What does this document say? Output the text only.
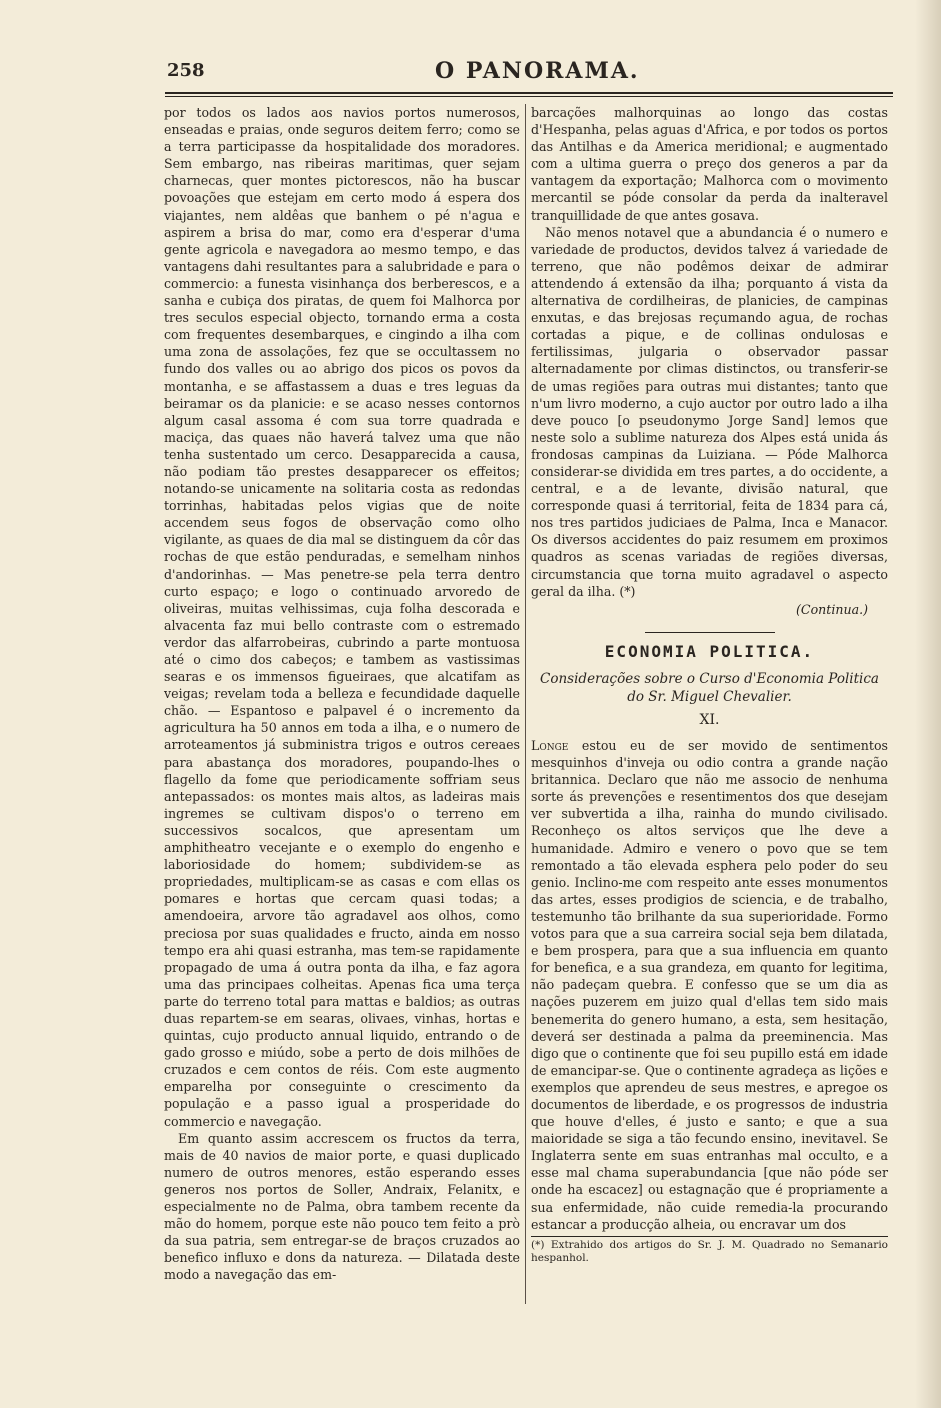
258	O PANORAMA.

por todos os lados aos navios portos numerosos, enseadas e praias, onde seguros deitem ferro; como se a terra participasse da hospitalidade dos moradores. Sem embargo, nas ribeiras maritimas, quer sejam charnecas, quer montes pictorescos, não ha buscar povoações que estejam em certo modo á espera dos viajantes, nem aldêas que banhem o pé n'agua e aspirem a brisa do mar, como era d'esperar d'uma gente agricola e navegadora ao mesmo tempo, e das vantagens dahi resultantes para a salubridade e para o commercio: a funesta visinhança dos berberescos, e a sanha e cubiça dos piratas, de quem foi Malhorca por tres seculos especial objecto, tornando erma a costa com frequentes desembarques, e cingindo a ilha com uma zona de assolações, fez que se occultassem no fundo dos valles ou ao abrigo dos picos os povos da montanha, e se affastassem a duas e tres leguas da beiramar os da planicie: e se acaso nesses contornos algum casal assoma é com sua torre quadrada e maciça, das quaes não haverá talvez uma que não tenha sustentado um cerco. Desapparecida a causa, não podiam tão prestes desapparecer os effeitos; notando-se unicamente na solitaria costa as redondas torrinhas, habitadas pelos vigias que de noite accendem seus fogos de observação como olho vigilante, as quaes de dia mal se distinguem da côr das rochas de que estão penduradas, e semelham ninhos d'andorinhas. — Mas penetre-se pela terra dentro curto espaço; e logo o continuado arvoredo de oliveiras, muitas velhissimas, cuja folha descorada e alvacenta faz mui bello contraste com o estremado verdor das alfarrobeiras, cubrindo a parte montuosa até o cimo dos cabeços; e tambem as vastissimas searas e os immensos figueiraes, que alcatifam as veigas; revelam toda a belleza e fecundidade daquelle chão. — Espantoso e palpavel é o incremento da agricultura ha 50 annos em toda a ilha, e o numero de arroteamentos já subministra trigos e outros cereaes para abastança dos moradores, poupando-lhes o flagello da fome que periodicamente soffriam seus antepassados: os montes mais altos, as ladeiras mais ingremes se cultivam dispos'o o terreno em successivos socalcos, que apresentam um amphitheatro vecejante e o exemplo do engenho e laboriosidade do homem; subdividem-se as propriedades, multiplicam-se as casas e com ellas os pomares e hortas que cercam quasi todas; a amendoeira, arvore tão agradavel aos olhos, como preciosa por suas qualidades e fructo, ainda em nosso tempo era ahi quasi estranha, mas tem-se rapidamente propagado de uma á outra ponta da ilha, e faz agora uma das principaes colheitas. Apenas fica uma terça parte do terreno total para mattas e baldios; as outras duas repartem-se em searas, olivaes, vinhas, hortas e quintas, cujo producto annual liquido, entrando o de gado grosso e miúdo, sobe a perto de dois milhões de cruzados e cem contos de réis. Com este augmento emparelha por conseguinte o crescimento da população e a passo igual a prosperidade do commercio e navegação.

Em quanto assim accrescem os fructos da terra, mais de 40 navios de maior porte, e quasi duplicado numero de outros menores, estão esperando esses generos nos portos de Soller, Andraix, Felanitx, e especialmente no de Palma, obra tambem recente da mão do homem, porque este não pouco tem feito a prò da sua patria, sem entregar-se de braços cruzados ao benefico influxo e dons da natureza. — Dilatada deste modo a navegação das em-

barcações malhorquinas ao longo das costas d'Hespanha, pelas aguas d'Africa, e por todos os portos das Antilhas e da America meridional; e augmentado com a ultima guerra o preço dos generos a par da vantagem da exportação; Malhorca com o movimento mercantil se póde consolar da perda da inalteravel tranquillidade de que antes gosava.

Não menos notavel que a abundancia é o numero e variedade de productos, devidos talvez á variedade de terreno, que não podêmos deixar de admirar attendendo á extensão da ilha; porquanto á vista da alternativa de cordilheiras, de planicies, de campinas enxutas, e das brejosas reçumando agua, de rochas cortadas a pique, e de collinas ondulosas e fertilissimas, julgaria o observador passar alternadamente por climas distinctos, ou transferir-se de umas regiões para outras mui distantes; tanto que n'um livro moderno, a cujo auctor por outro lado a ilha deve pouco [o pseudonymo Jorge Sand] lemos que neste solo a sublime natureza dos Alpes está unida ás frondosas campinas da Luiziana. — Póde Malhorca considerar-se dividida em tres partes, a do occidente, a central, e a de levante, divisão natural, que corresponde quasi á territorial, feita de 1834 para cá, nos tres partidos judiciaes de Palma, Inca e Manacor. Os diversos accidentes do paiz resumem em proximos quadros as scenas variadas de regiões diversas, circumstancia que torna muito agradavel o aspecto geral da ilha. (*)

(Continua.)
ECONOMIA POLITICA.
Considerações sobre o Curso d'Economia Politica do Sr. Miguel Chevalier.
XI.

Longe estou eu de ser movido de sentimentos mesquinhos d'inveja ou odio contra a grande nação britannica. Declaro que não me associo de nenhuma sorte ás prevenções e resentimentos dos que desejam ver subvertida a ilha, rainha do mundo civilisado. Reconheço os altos serviços que lhe deve a humanidade. Admiro e venero o povo que se tem remontado a tão elevada esphera pelo poder do seu genio. Inclino-me com respeito ante esses monumentos das artes, esses prodigios de sciencia, e de trabalho, testemunho tão brilhante da sua superioridade. Formo votos para que a sua carreira social seja bem dilatada, e bem prospera, para que a sua influencia em quanto for benefica, e a sua grandeza, em quanto for legitima, não padeçam quebra. E confesso que se um dia as nações puzerem em juizo qual d'ellas tem sido mais benemerita do genero humano, a esta, sem hesitação, deverá ser destinada a palma da preeminencia. Mas digo que o continente que foi seu pupillo está em idade de emancipar-se. Que o continente agradeça as lições e exemplos que aprendeu de seus mestres, e apregoe os documentos de liberdade, e os progressos de industria que houve d'elles, é justo e santo; e que a sua maioridade se siga a tão fecundo ensino, inevitavel. Se Inglaterra sente em suas entranhas mal occulto, e a esse mal chama superabundancia [que não póde ser onde ha escacez] ou estagnação que é propriamente a sua enfermidade, não cuide remedia-la procurando estancar a producção alheia, ou encravar um dos

(*) Extrahido dos artigos do Sr. J. M. Quadrado no Semanario hespanhol.
